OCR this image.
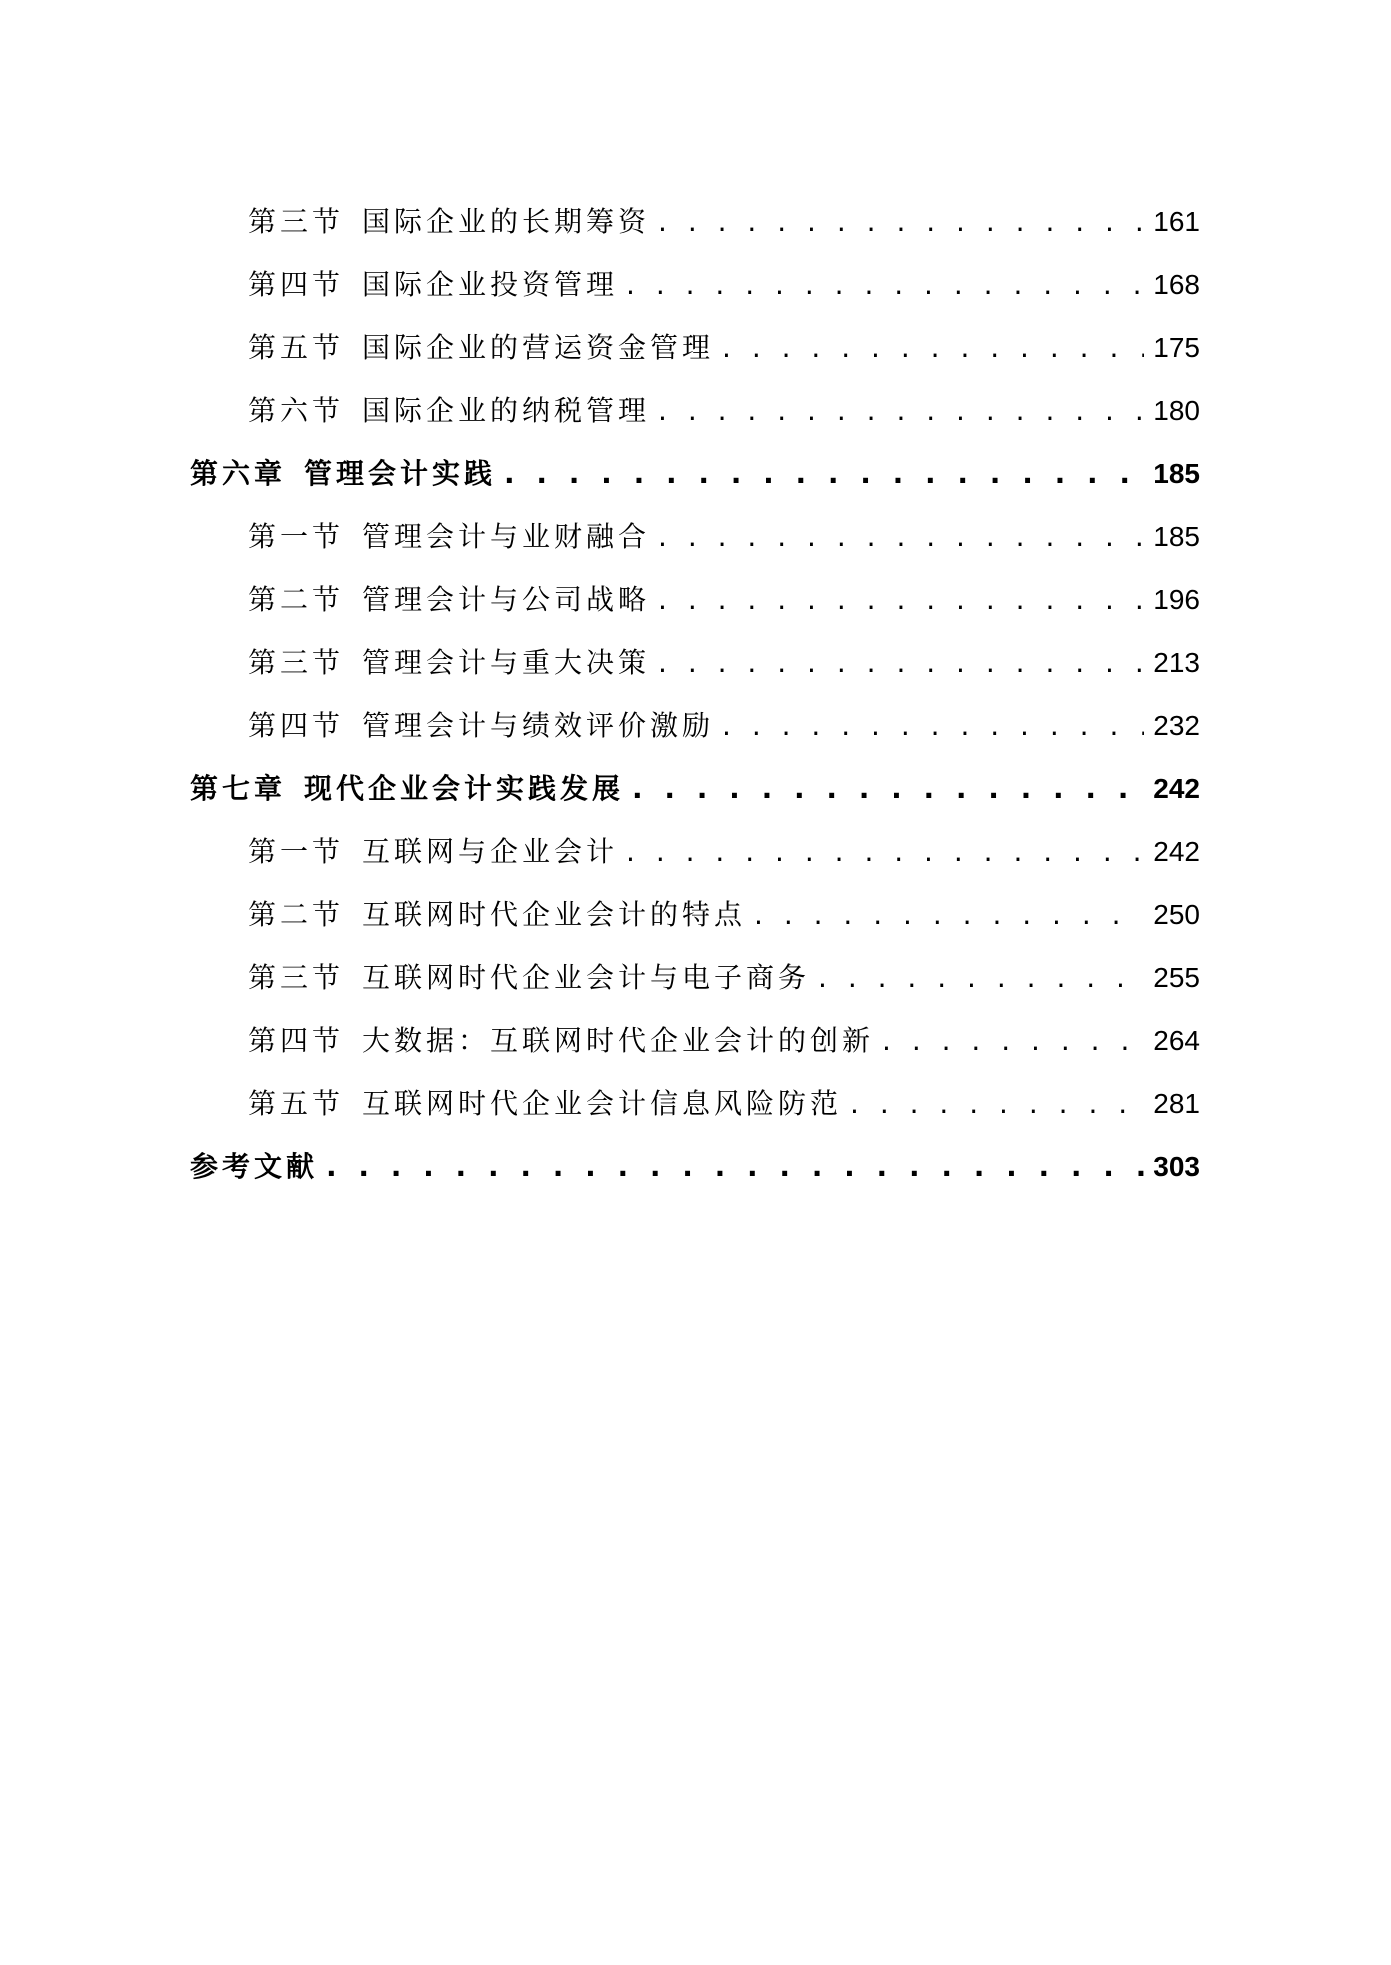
第三节 国际企业的长期筹资 . . .	161
第四节 国际企业投资管理 . . .	168
第五节 国际企业的营运资金管理 . . .	175
第六节 国际企业的纳税管理 . . .	180
第六章 管理会计实践 . . .	185
第一节 管理会计与业财融合 . . .	185
第二节 管理会计与公司战略 . . .	196
第三节 管理会计与重大决策 . . .	213
第四节 管理会计与绩效评价激励 . . .	232
第七章 现代企业会计实践发展 . . .	242
第一节 互联网与企业会计 . . .	242
第二节 互联网时代企业会计的特点 . . .	250
第三节 互联网时代企业会计与电子商务 . . .	255
第四节 大数据：互联网时代企业会计的创新 . . .	264
第五节 互联网时代企业会计信息风险防范 . . .	281
参考文献 . . .	303
